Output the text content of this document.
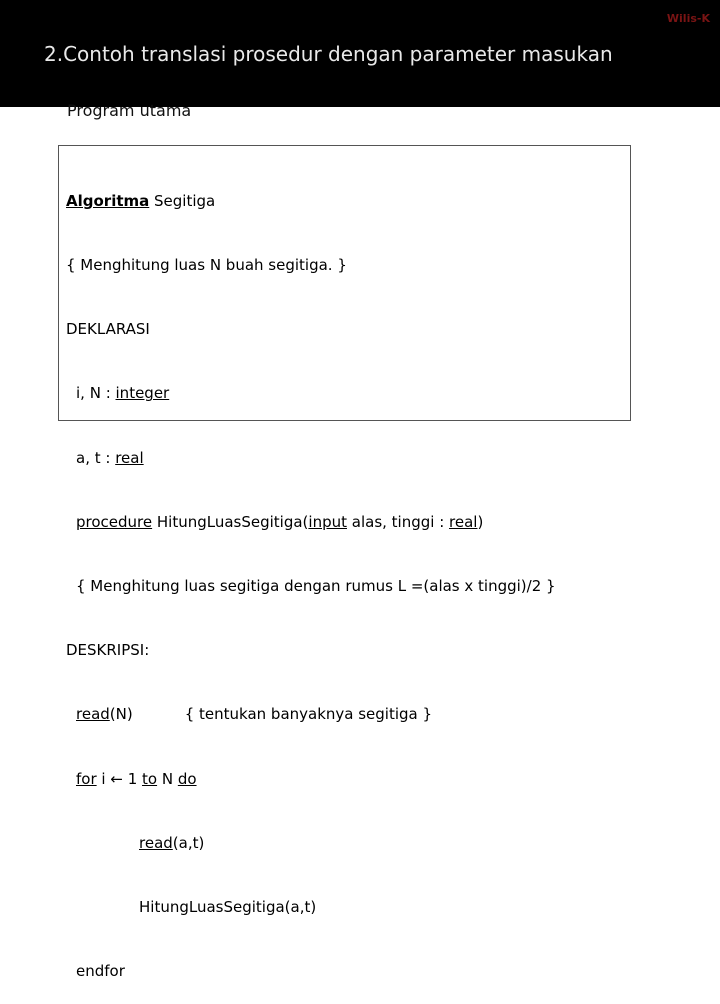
Wilis-K
2.Contoh translasi prosedur dengan parameter masukan
Program utama

Algoritma Segitiga

{ Menghitung luas N buah segitiga. }

DEKLARASI

i, N : integer

a, t : real

procedure HitungLuasSegitiga(input alas, tinggi : real)

{ Menghitung luas segitiga dengan rumus L =(alas x tinggi)/2 }

DESKRIPSI:

read(N)	{ tentukan banyaknya segitiga }

for i ← 1 to N do

read(a,t)

HitungLuasSegitiga(a,t)

endfor
